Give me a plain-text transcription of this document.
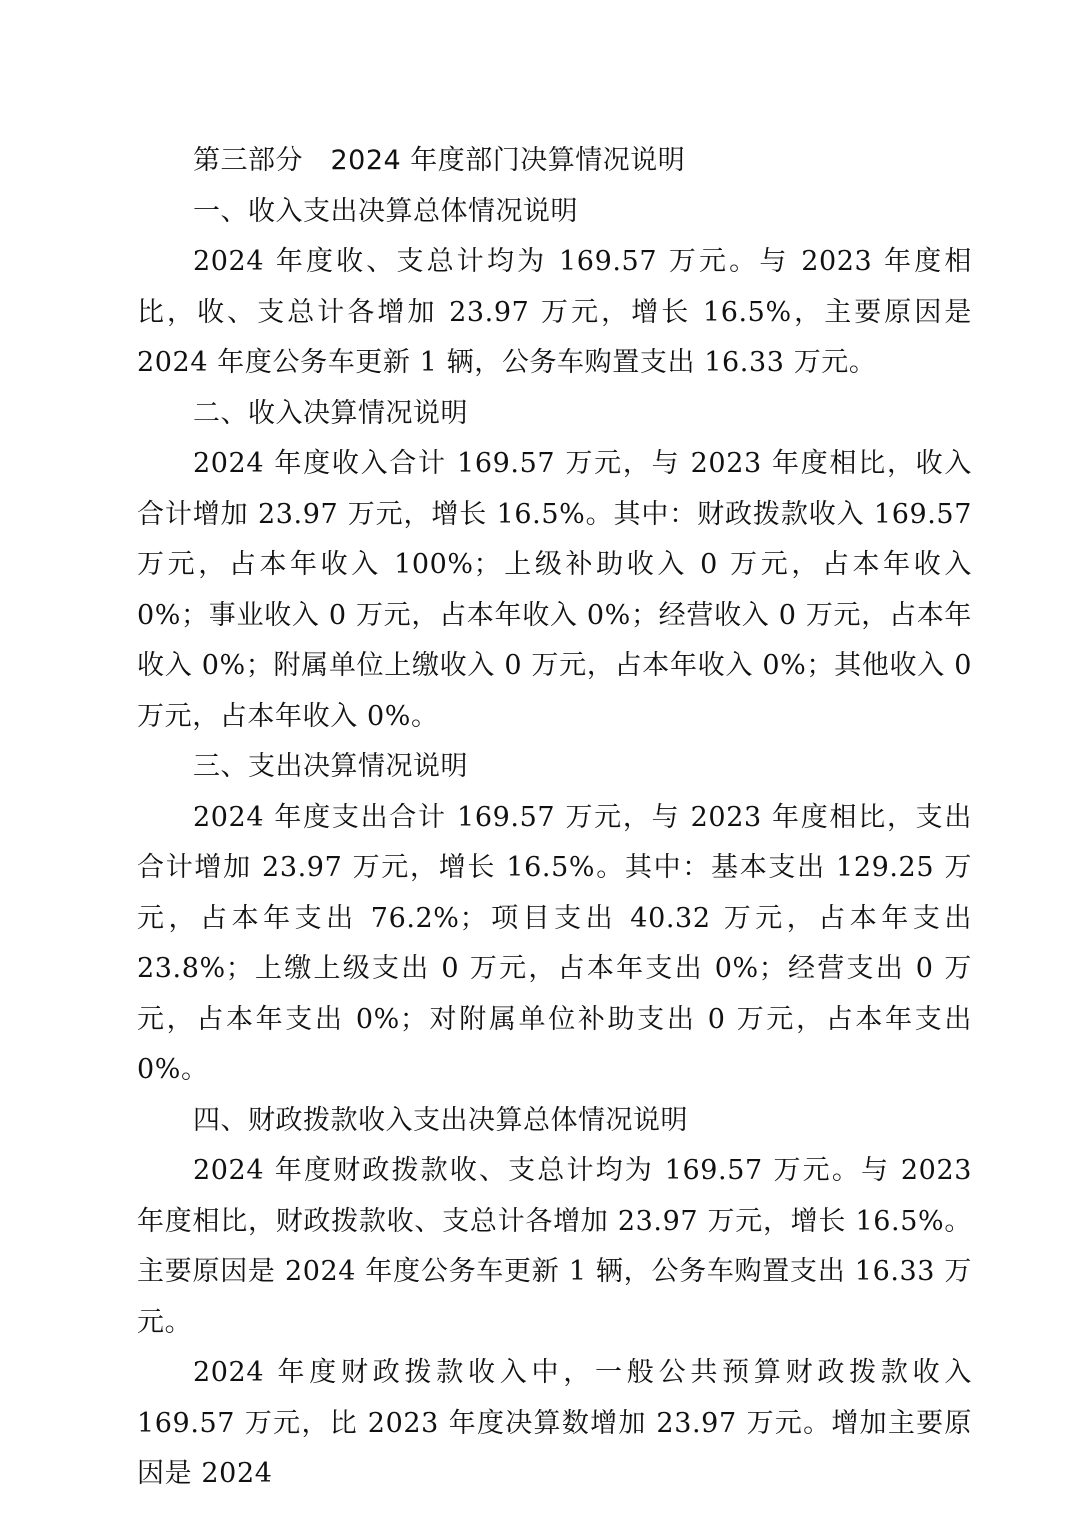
第三部分　2024 年度部门决算情况说明

一、收入支出决算总体情况说明

2024 年度收、支总计均为 169.57 万元。与 2023 年度相比，收、支总计各增加 23.97 万元，增长 16.5%，主要原因是 2024 年度公务车更新 1 辆，公务车购置支出 16.33 万元。

二、收入决算情况说明

2024 年度收入合计 169.57 万元，与 2023 年度相比，收入合计增加 23.97 万元，增长 16.5%。其中：财政拨款收入 169.57 万元，占本年收入 100%；上级补助收入 0 万元，占本年收入 0%；事业收入 0 万元，占本年收入 0%；经营收入 0 万元，占本年收入 0%；附属单位上缴收入 0 万元，占本年收入 0%；其他收入 0 万元，占本年收入 0%。

三、支出决算情况说明

2024 年度支出合计 169.57 万元，与 2023 年度相比，支出合计增加 23.97 万元，增长 16.5%。其中：基本支出 129.25 万元，占本年支出 76.2%；项目支出 40.32 万元，占本年支出 23.8%；上缴上级支出 0 万元，占本年支出 0%；经营支出 0 万元，占本年支出 0%；对附属单位补助支出 0 万元，占本年支出 0%。

四、财政拨款收入支出决算总体情况说明

2024 年度财政拨款收、支总计均为 169.57 万元。与 2023 年度相比，财政拨款收、支总计各增加 23.97 万元，增长 16.5%。主要原因是 2024 年度公务车更新 1 辆，公务车购置支出 16.33 万元。

2024 年度财政拨款收入中，一般公共预算财政拨款收入 169.57 万元，比 2023 年度决算数增加 23.97 万元。增加主要原因是 2024
